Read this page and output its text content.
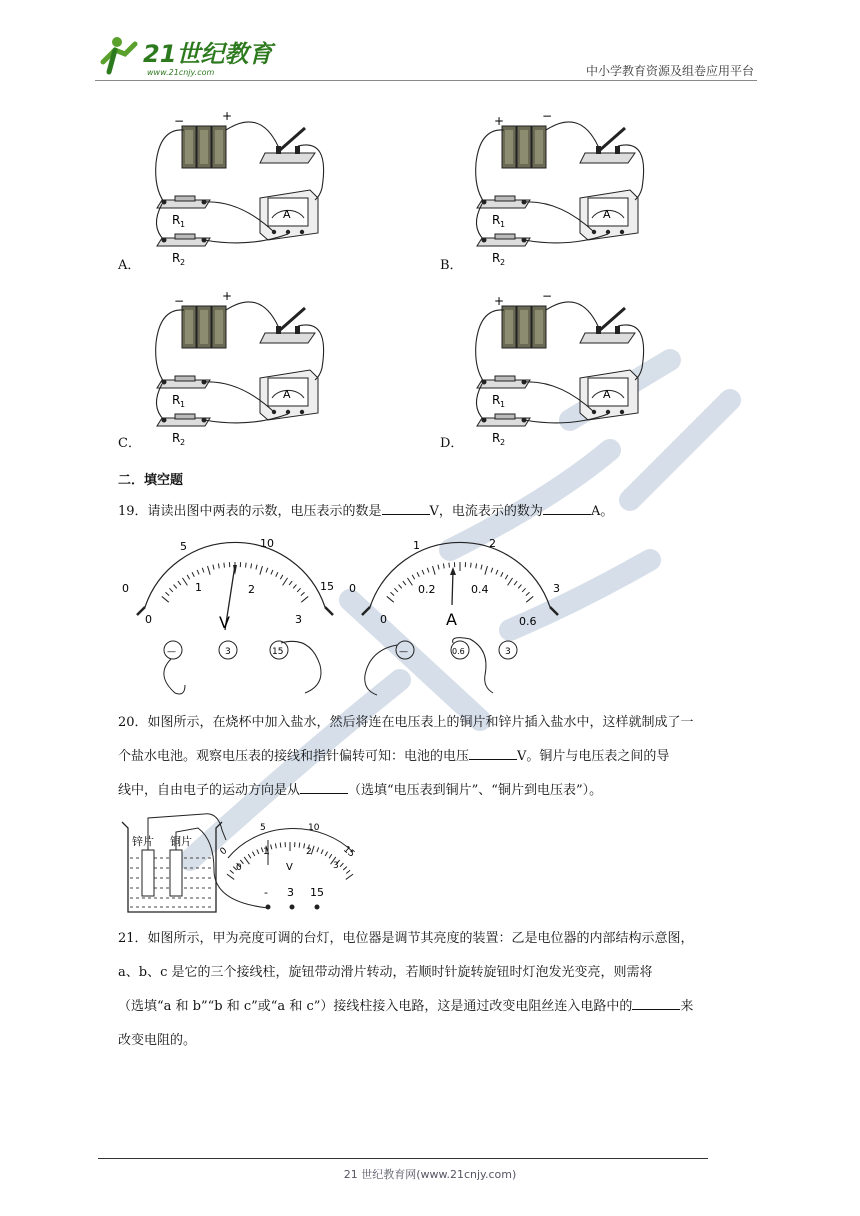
21世纪教育
www.21cnjy.com	中小学教育资源及组卷应用平台
−	+
R 1
R 2
A
+	−
R 1
R 2
A
−	+
R 1
R 2
A
+	−
R 1
R 2
A
A．	B．
C．	D．
二．填空题

19．请读出图中两表的示数，电压表示的数是	V，电流表示的数为	A。

0
5	10
15
0
1	2
3
V
—	3	15
0
1	2
3
0
0.2	0.4
0.6
A
—	0.6	3

20．如图所示，在烧杯中加入盐水，然后将连在电压表上的铜片和锌片插入盐水中，这样就制成了一

个盐水电池。观察电压表的接线和指针偏转可知：电池的电压	V。铜片与电压表之间的导

线中，自由电子的运动方向是从	（选填“电压表到铜片”、“铜片到电压表”）。

锌片 铜片
0
5	10
15
0
1	2
3
V
- 3 15

21．如图所示，甲为亮度可调的台灯，电位器是调节其亮度的装置：乙是电位器的内部结构示意图，

a、b、c 是它的三个接线柱，旋钮带动滑片转动，若顺时针旋转旋钮时灯泡发光变亮，则需将

（选填“a 和 b”“b 和 c”或“a 和 c”）接线柱接入电路，这是通过改变电阻丝连入电路中的	来

改变电阻的。

21 世纪教育网(www.21cnjy.com)
